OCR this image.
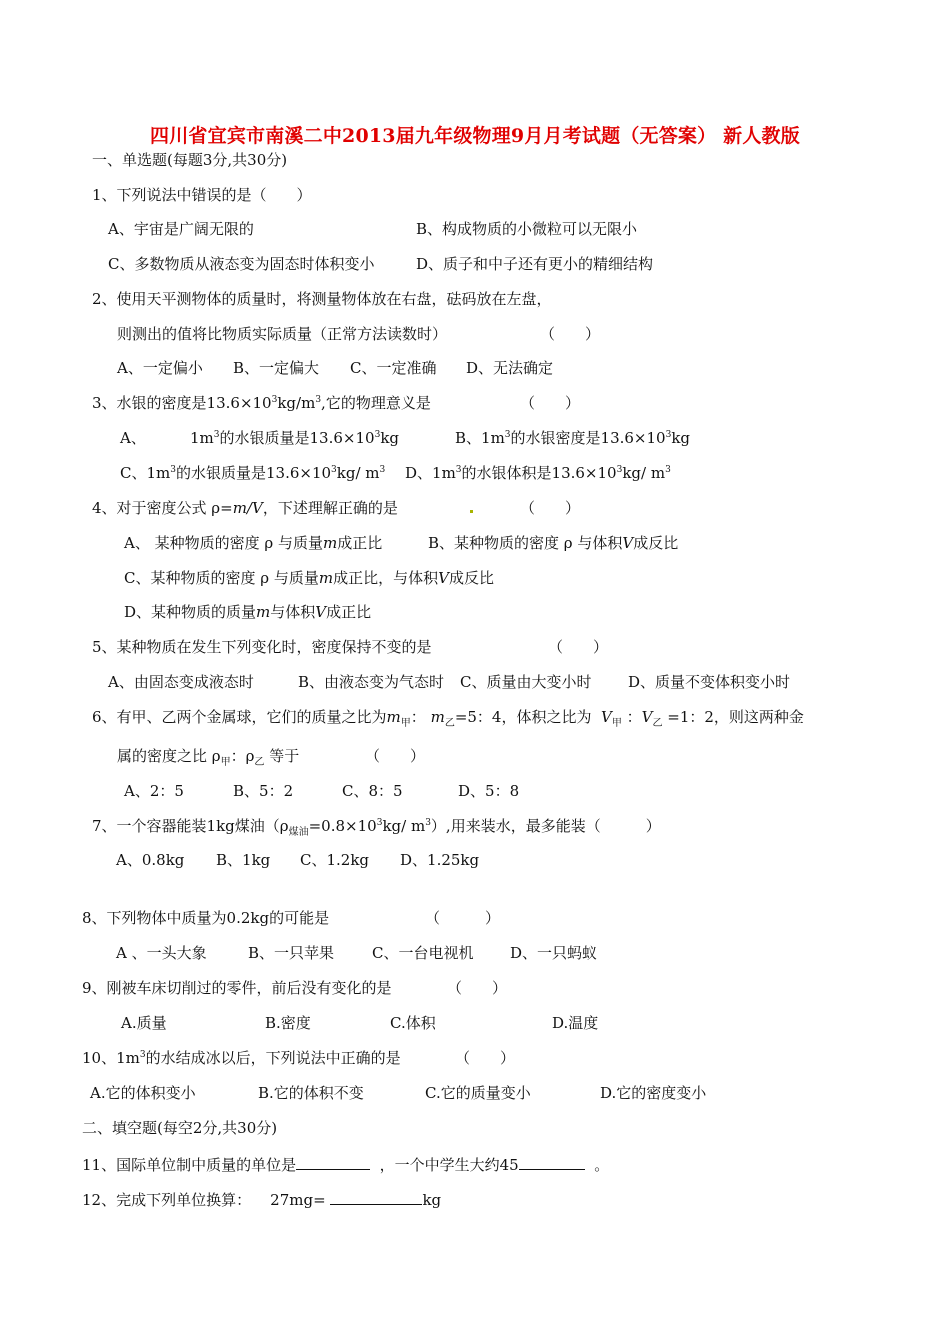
四川省宜宾市南溪二中2013届九年级物理9月月考试题（无答案） 新人教版
一、单选题(每题3分,共30分)
1、下列说法中错误的是（　　）
A、宇宙是广阔无限的	B、构成物质的小微粒可以无限小
C、多数物质从液态变为固态时体积变小	D、质子和中子还有更小的精细结构
2、使用天平测物体的质量时，将测量物体放在右盘，砝码放在左盘，
则测出的值将比物质实际质量（正常方法读数时）	（　　）
A、一定偏小 B、一定偏大 C、一定准确 D、无法确定
3、水银的密度是$13.6\times 10^3kg/m^3$,它的物理意义是	（　　）
A、	$1m^3$的水银质量是$13.6\times 10^3kg$	B、$1m^3$的水银密度是$13.6\times 10^3kg$
C、$1m^3$的水银质量是$13.6\times 10^3kg/$ $m^3$ D、$1m^3$的水银体积是$13.6\times 10^3kg/$ $m^3$
4、对于密度公式 ρ=m/V，下述理解正确的是	（　　）
A、 某种物质的密度 ρ 与质量m成正比	B、某种物质的密度 ρ 与体积V成反比
C、某种物质的密度 ρ 与质量m成正比，与体积V成反比
D、某种物质的质量m与体积V成正比
5、某种物质在发生下列变化时，密度保持不变的是	（　　）
A、由固态变成液态时	B、由液态变为气态时 C、质量由大变小时 D、质量不变体积变小时
6、有甲、乙两个金属球，它们的质量之比为$m_甲$： $m_乙=5$：4，体积之比为 $V_甲$ ：$V_乙 =1$：2，则这两种金
属的密度之比 $\rho_甲$：$\rho_乙$ 等于	（　　）
A、2：5	B、5：2	C、8：5	D、5：8
7、一个容器能装1kg煤油（$\rho_{煤油}=0.8\times 10^3kg/$ $m^3$）,用来装水，最多能装（　　　）
A、0.8kg B、1kg C、1.2kg D、1.25kg
8、下列物体中质量为0.2kg的可能是	（　　　）
A 、一头大象	B、一只苹果	C、一台电视机 D、一只蚂蚁
9、刚被车床切削过的零件，前后没有变化的是	（　　）
A.质量	B.密度	C.体积	D.温度
10、$1m^3$的水结成冰以后，下列说法中正确的是	（　　）
A.它的体积变小	B.它的体积不变	C.它的质量变小	D.它的密度变小
二、填空题(每空2分,共30分)
11、国际单位制中质量的单位是	，一个中学生大约45	。
12、完成下列单位换算： 27mg=	kg
